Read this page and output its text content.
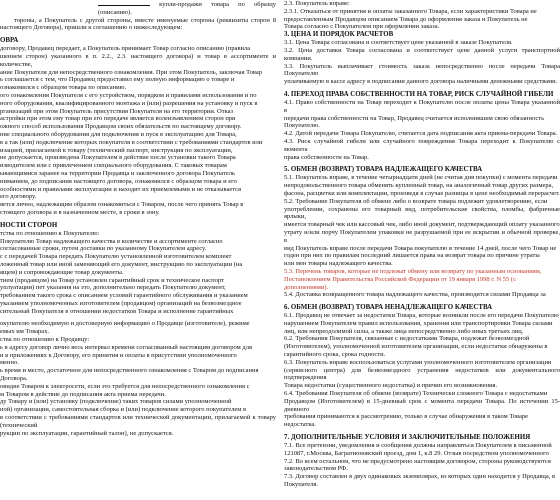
купли-продажи товара по образцу (описанию).

тороны, а Покупатель с другой стороны, вместе именуемые стороны (реквизиты сторон 8 настоящего Договора), пришли к соглашению о нижеследующем:

ОВРА

договору, Продавец передает, а Покупатель принимает Товар согласно описанию (правила

шением сторон) указанного в п. 2.2., 2.3. настоящего договора) и товар в ассортименте и количестве,

ание Покупателя для непосредственного ознакомления. При этом Покупатель, заключая Товар

ь соглашается с тем, что Продавец предоставил ему полную информацию о товаре и

ознакомился с образцом товара по описанию.

ого ознакомления Покупателя с его устройством, порядком и правилами использования и по

ного оборудования, квалифицированного монтажа и (или) разрешения на установку и пуск в

рганизаций при этом Покупатель присутствия Покупателя на его территории. Отказ

астройки при этом ему товар при его передаче является волеизъявлением сторон при

ожного способ использования Продавцом своих обязательств по настоящему договору.

ние специального оборудования для подключения и пуск в эксплуатацию для Товара,

в а так (или) подключение которых покупателя в соответствии с требованиями стандартов или

изацией, прилагаемой к товару (технический паспорт, инструкция по эксплуатации,

не допускается, произведена Покупателем в действие после установки такого Товара

изводителем или с привлечением специального оборудования. С таковых товарам

ывающимися заранее на территории Продавца и заключенного договора Покупатель

ниманием, до подписания настоящего договора, ознакомился с образцом товара и его

особностями и правилами эксплуатации и находит их приемлемыми и не отказывается

его договору.

яется лично, надлежащим образом ознакомиться с Товаром, после чего принять Товар в

стоящего договора и в назначенном месте, в сроки в зону.

НОСТИ СТОРОН

тства по отношению к Покупателю:

Покупателю Товар надлежащего качества в количестве и ассортименте согласно

согласованные сроки, путем доставки по указанному Покупателем адресу.

с с передачей Товара передать Покупателю установленной изготовителем комплект

ложенный товар или иной заменяющий его документ, инструкцию по эксплуатации (на

ящем) и сопровождающие товар документы.

тием (продавцом) на Товар установлен гарантийный срок и техническое паспорт

уплуатации) пет указания на это, дополнительно передать Покупателю документ,

требованием такого срока с описанием условий гарантийного обслуживания и указанием

указанием уполномоченных изготовителем (продавцом) организаций на безвозмездное

сительный Покупателя в отношении недостатков Товара и исполнение гарантийных

окупателю необходимую и достоверную информацию о Продавце (изготовителе), режиме

емых им Товарах.

ства по отношению к Продавцу:

ь в адресу договор лично весь интервал времени согласованный настоящим договором для

и в приложениях к Договору, его принятия и оплаты в присутствии уполномоченного

менно.

ь время и место, достаточное для непосредственного ознакомления с Товаром до подписания

Договора.

овидие Товаром к электросети, если это требуется для непосредственного ознакомления с

м Товаром в действие до подписания акта приема передачи.

ду Товару и (или) установку (подключение) таких товаров силами уполномоченной

ной) организации, самостоятельная сборка и (или) подключение которого покупателем в

в соответствии с требованиями стандартов или технической документации, прилагаемой к товару (технический

рукции по эксплуатации, гарантийный талон), не допускается.

2.3. Покупатель вправе:

2.3.1. Отказаться от принятия и оплаты заказанного Товара, если характеристики Товара не

предоставленным Продавцом описанием Товара до оформления заказа и Покупатель не

Товара согласно с Покупателем при оформлении заказа.

3. ЦЕНА И ПОРЯДОК РАСЧЕТОВ

3.1. Цена Товара согласована и соответствует цене указанной в заказе Покупателя.

3.2. Цена доставки Товара согласована и соответствует цене данной услуги транспортной компании.

3.3. Покупатель выплачивает стоимость заказа непосредственно после передачи Товара Покупателю

уплачиваемую в кассе адресу в подписании данного договора наличными денежными средствами.

4. ПЕРЕХОД ПРАВА СОБСТВЕННОСТИ НА ТОВАР, РИСК СЛУЧАЙНОЙ ГИБЕЛИ

4.1. Право собственности на Товар переходит к Покупателю после оплаты цены Товара указанной в

передачи права собственности на Товар, Продавец считается исполнившим свою обязанность

Покупателю.

4.2. Датой передачи Товара Покупателю, считается дата подписания акта приема-передачи Товара.

4.3. Риск случайной гибели или случайного повреждения Товара переходит к Покупателю с момента

права собственности на Товар.

5. ОБМЕН (ВОЗВРАТ) ТОВАРА НАДЛЕЖАЩЕГО КАЧЕСТВА

5.1. Покупатель вправе, в течение четырнадцати дней (не считая дня покупки) с момента передачи

непродовольственного товара обменять купленный товар, на аналогичный товар других размера,

фасона, расцветки или комплектации, произведя в случае разницы в цене необходимый перерасчет.

5.2. Требование Покупателя об обмене либо о возврате товара подлежит удовлетворению, если

употреблении, сохранены его товарный вид, потребительские свойства, пломбы, фабричные ярлыки,

имеется товарный чек или кассовый чек, либо иной документ, подтверждающий оплату указанного

утрату и/или порчу Покупателем упаковки не разрушаемой при ее вскрытии и обычной проверке, в

вид Покупатель вправе после передачи Товара покупателю в течение 14 дней, после чего Товар не

годен при них по правилам последний лишается права на возврат товара по причине утраты

или мен товары надлежащего качества.

5.3. Перечень товаров, которые не подлежат обмену или возврату по указанным основаниям,

Постановлением Правительства Российской Федерации от 19 января 1998 г. N 55 (с

дополнениями).

5.4. Доставка возвращенного товара надлежащего качества, производится силами Продавца за

6. ОБМЕН (ВОЗВРАТ) ТОВАРА НЕНАДЛЕЖАЩЕГО КАЧЕСТВА

6.1. Продавец не отвечает за недостатки Товара, которые возникли после его передачи Покупателю

нарушением Покупателем правил использования, хранения или транспортировки Товара силами

лиц, или непреодолимой силы, а также лица непосредственно либо иных третьих лиц.

6.2. Требования Покупателя, связанные с недостатками Товара, подлежат безвозмездной

(Изготовителем), уполномоченной изготовителем организации, если недостатки обнаружены в

гарантийного срока, срока годности.

6.3. Покупатель вправе воспользоваться услугами уполномоченного изготовителем организации

(сервисного центра) для безвозмездного устранения недостатков или документального подтверждения

Товара недостатки (существенного недостатка) и причин его возникновения.

6.4. Требования Покупателя об обмене (возврате) Технически сложного Товара с недостатками

Продавцом (Изготовителем) в 15-дневный срок с момента передачи Товара. По истечении 15-дневного

требования принимаются к рассмотрению, только в случае обнаружения в таком Товаре

недостатка.

7. ДОПОЛНИТЕЛЬНЫЕ УСЛОВИЯ И ЗАКЛЮЧИТЕЛЬНЫЕ ПОЛОЖЕНИЯ

7.1. Все претензии, уведомления и сообщения должны направляться Покупателем в письменной

121087, г.Москва, Багратионовский проезд, дом 1, к.8 29. Отзыв посредством уполномоченного

7.2. Во всем остальном, что не предусмотрено настоящим договором, стороны руководствуются

законодательством РФ.

7.3. Договор составлен в двух одинаковых экземплярах, из которых один находится у Продавца, в

Покупателя.
